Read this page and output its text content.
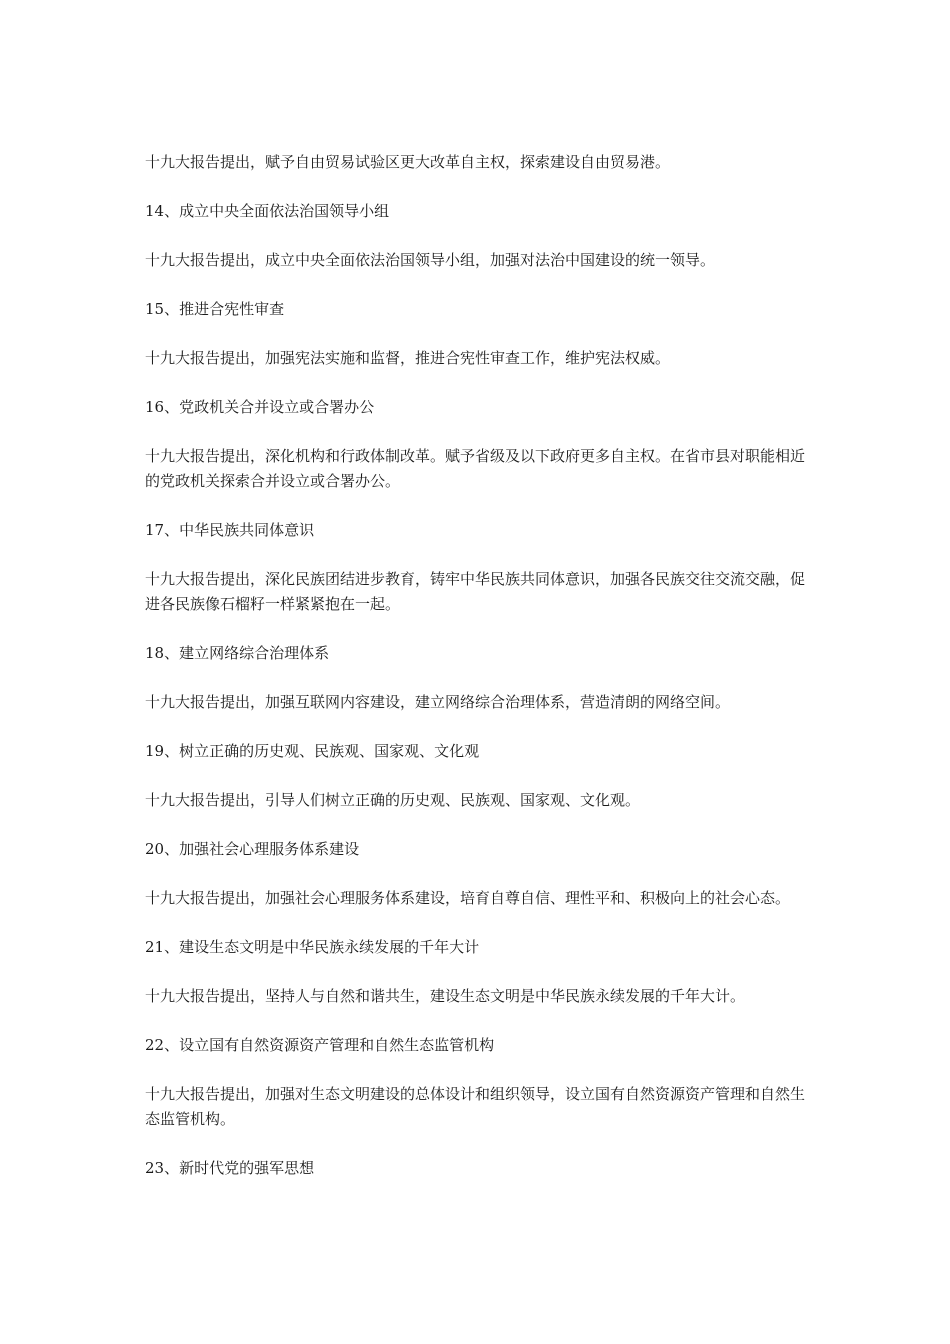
十九大报告提出，赋予自由贸易试验区更大改革自主权，探索建设自由贸易港。

14、成立中央全面依法治国领导小组

十九大报告提出，成立中央全面依法治国领导小组，加强对法治中国建设的统一领导。

15、推进合宪性审查

十九大报告提出，加强宪法实施和监督，推进合宪性审查工作，维护宪法权威。

16、党政机关合并设立或合署办公

十九大报告提出，深化机构和行政体制改革。赋予省级及以下政府更多自主权。在省市县对职能相近的党政机关探索合并设立或合署办公。

17、中华民族共同体意识

十九大报告提出，深化民族团结进步教育，铸牢中华民族共同体意识，加强各民族交往交流交融，促进各民族像石榴籽一样紧紧抱在一起。

18、建立网络综合治理体系

十九大报告提出，加强互联网内容建设，建立网络综合治理体系，营造清朗的网络空间。

19、树立正确的历史观、民族观、国家观、文化观

十九大报告提出，引导人们树立正确的历史观、民族观、国家观、文化观。

20、加强社会心理服务体系建设

十九大报告提出，加强社会心理服务体系建设，培育自尊自信、理性平和、积极向上的社会心态。

21、建设生态文明是中华民族永续发展的千年大计

十九大报告提出，坚持人与自然和谐共生，建设生态文明是中华民族永续发展的千年大计。

22、设立国有自然资源资产管理和自然生态监管机构

十九大报告提出，加强对生态文明建设的总体设计和组织领导，设立国有自然资源资产管理和自然生态监管机构。

23、新时代党的强军思想
